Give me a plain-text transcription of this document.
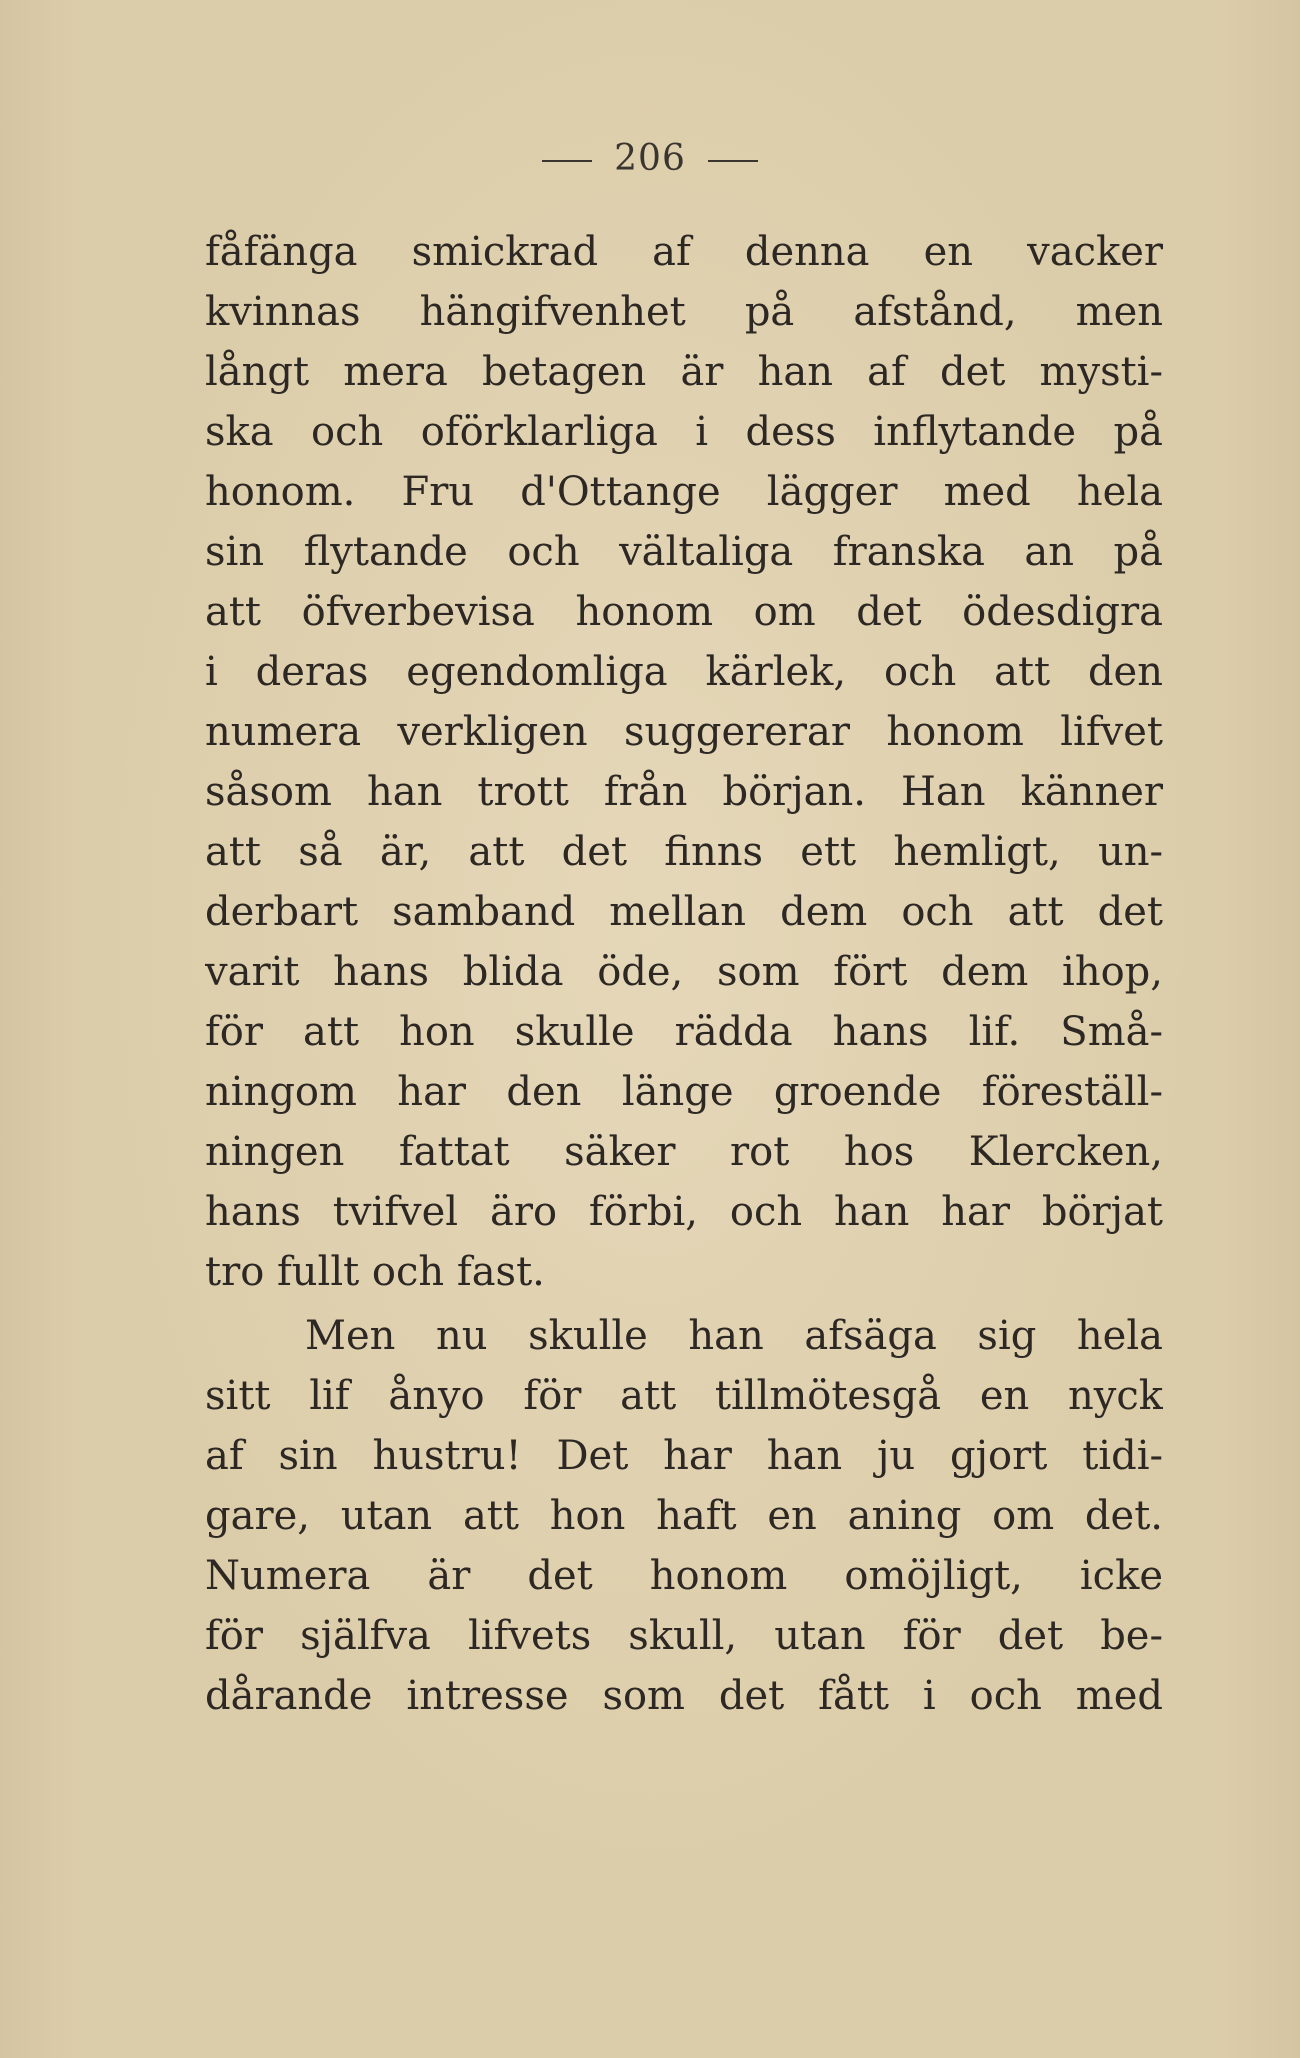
206
fåfänga smickrad af denna en vacker
kvinnas hängifvenhet på afstånd, men
långt mera betagen är han af det mysti-
ska och oförklarliga i dess inflytande på
honom. Fru d'Ottange lägger med hela
sin flytande och vältaliga franska an på
att öfverbevisa honom om det ödesdigra
i deras egendomliga kärlek, och att den
numera verkligen suggererar honom lifvet
såsom han trott från början. Han känner
att så är, att det finns ett hemligt, un-
derbart samband mellan dem och att det
varit hans blida öde, som fört dem ihop,
för att hon skulle rädda hans lif. Små-
ningom har den länge groende föreställ-
ningen fattat säker rot hos Klercken,
hans tvifvel äro förbi, och han har börjat
tro fullt och fast.
Men nu skulle han afsäga sig hela
sitt lif ånyo för att tillmötesgå en nyck
af sin hustru! Det har han ju gjort tidi-
gare, utan att hon haft en aning om det.
Numera är det honom omöjligt, icke
för själfva lifvets skull, utan för det be-
dårande intresse som det fått i och med
